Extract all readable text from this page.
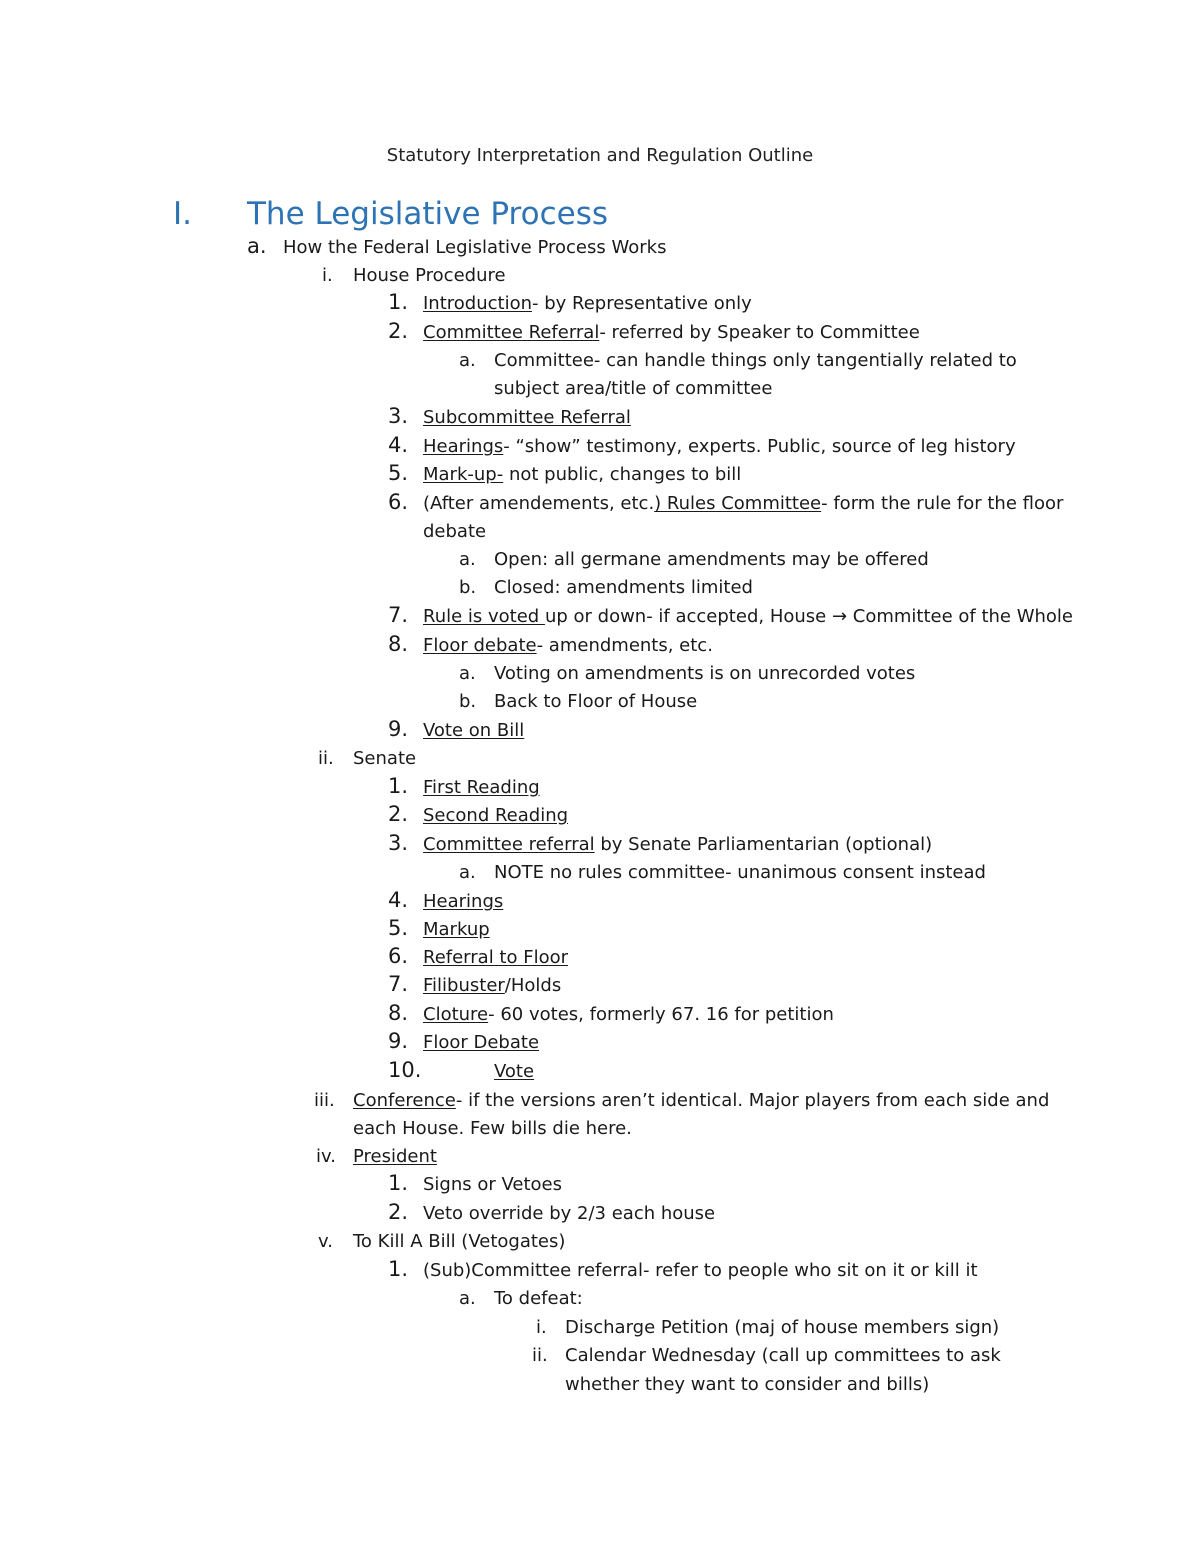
Statutory Interpretation and Regulation Outline
I.	The Legislative Process
a. How the Federal Legislative Process Works
i. House Procedure
1. Introduction- by Representative only
2. Committee Referral- referred by Speaker to Committee
a. Committee- can handle things only tangentially related to
subject area/title of committee
3. Subcommittee Referral
4. Hearings- “show” testimony, experts. Public, source of leg history
5. Mark-up- not public, changes to bill
6. (After amendements, etc.) Rules Committee- form the rule for the floor
debate
a. Open: all germane amendments may be offered
b. Closed: amendments limited
7. Rule is voted up or down- if accepted, House → Committee of the Whole
8. Floor debate- amendments, etc.
a. Voting on amendments is on unrecorded votes
b. Back to Floor of House
9. Vote on Bill
ii. Senate
1. First Reading
2. Second Reading
3. Committee referral by Senate Parliamentarian (optional)
a. NOTE no rules committee- unanimous consent instead
4. Hearings
5. Markup
6. Referral to Floor
7. Filibuster/Holds
8. Cloture- 60 votes, formerly 67. 16 for petition
9. Floor Debate
10.	Vote
iii. Conference- if the versions aren’t identical. Major players from each side and
each House. Few bills die here.
iv. President
1. Signs or Vetoes
2. Veto override by 2/3 each house
v. To Kill A Bill (Vetogates)
1. (Sub)Committee referral- refer to people who sit on it or kill it
a. To defeat:
i. Discharge Petition (maj of house members sign)
ii. Calendar Wednesday (call up committees to ask
whether they want to consider and bills)
